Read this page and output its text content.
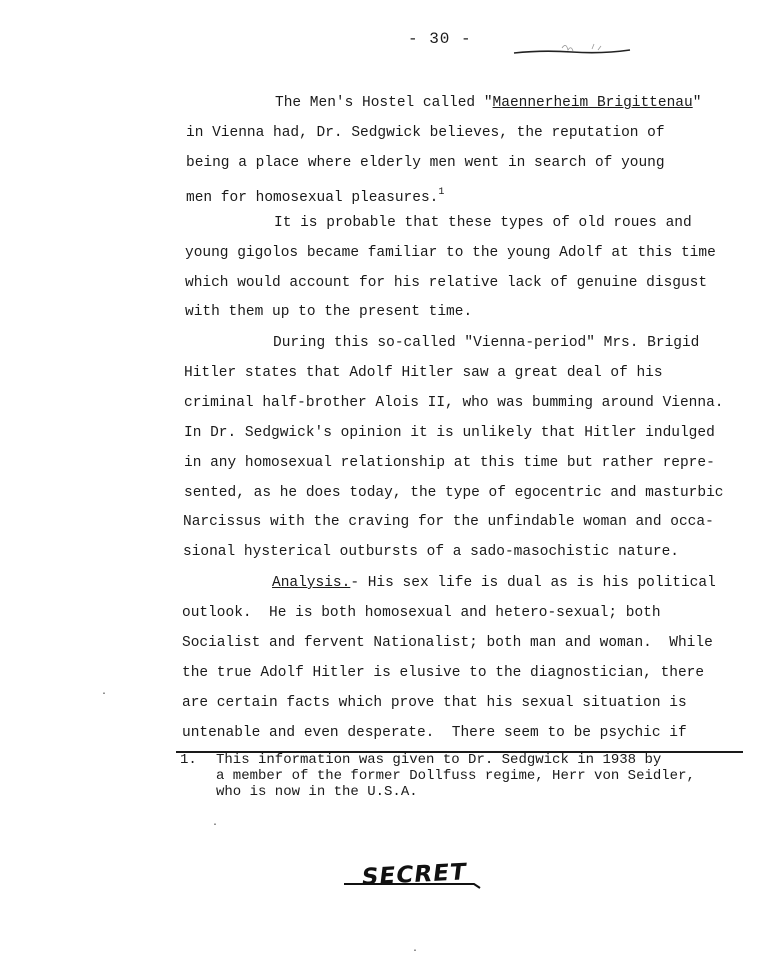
- 30 -
The Men's Hostel called "Maennerheim Brigittenau"
in Vienna had, Dr. Sedgwick believes, the reputation of
being a place where elderly men went in search of young
men for homosexual pleasures.$^1$
It is probable that these types of old roues and
young gigolos became familiar to the young Adolf at this time
which would account for his relative lack of genuine disgust
with them up to the present time.
During this so-called "Vienna-period" Mrs. Brigid
Hitler states that Adolf Hitler saw a great deal of his
criminal half-brother Alois II, who was bumming around Vienna.
In Dr. Sedgwick's opinion it is unlikely that Hitler indulged
in any homosexual relationship at this time but rather repre-
sented, as he does today, the type of egocentric and masturbic
Narcissus with the craving for the unfindable woman and occa-
sional hysterical outbursts of a sado-masochistic nature.
Analysis.- His sex life is dual as is his political
outlook.  He is both homosexual and hetero-sexual; both
Socialist and fervent Nationalist; both man and woman.  While
the true Adolf Hitler is elusive to the diagnostician, there
are certain facts which prove that his sexual situation is
untenable and even desperate.  There seem to be psychic if
1. This information was given to Dr. Sedgwick in 1938 by
a member of the former Dollfuss regime, Herr von Seidler,
who is now in the U.S.A.
SECRET
·
·
·
